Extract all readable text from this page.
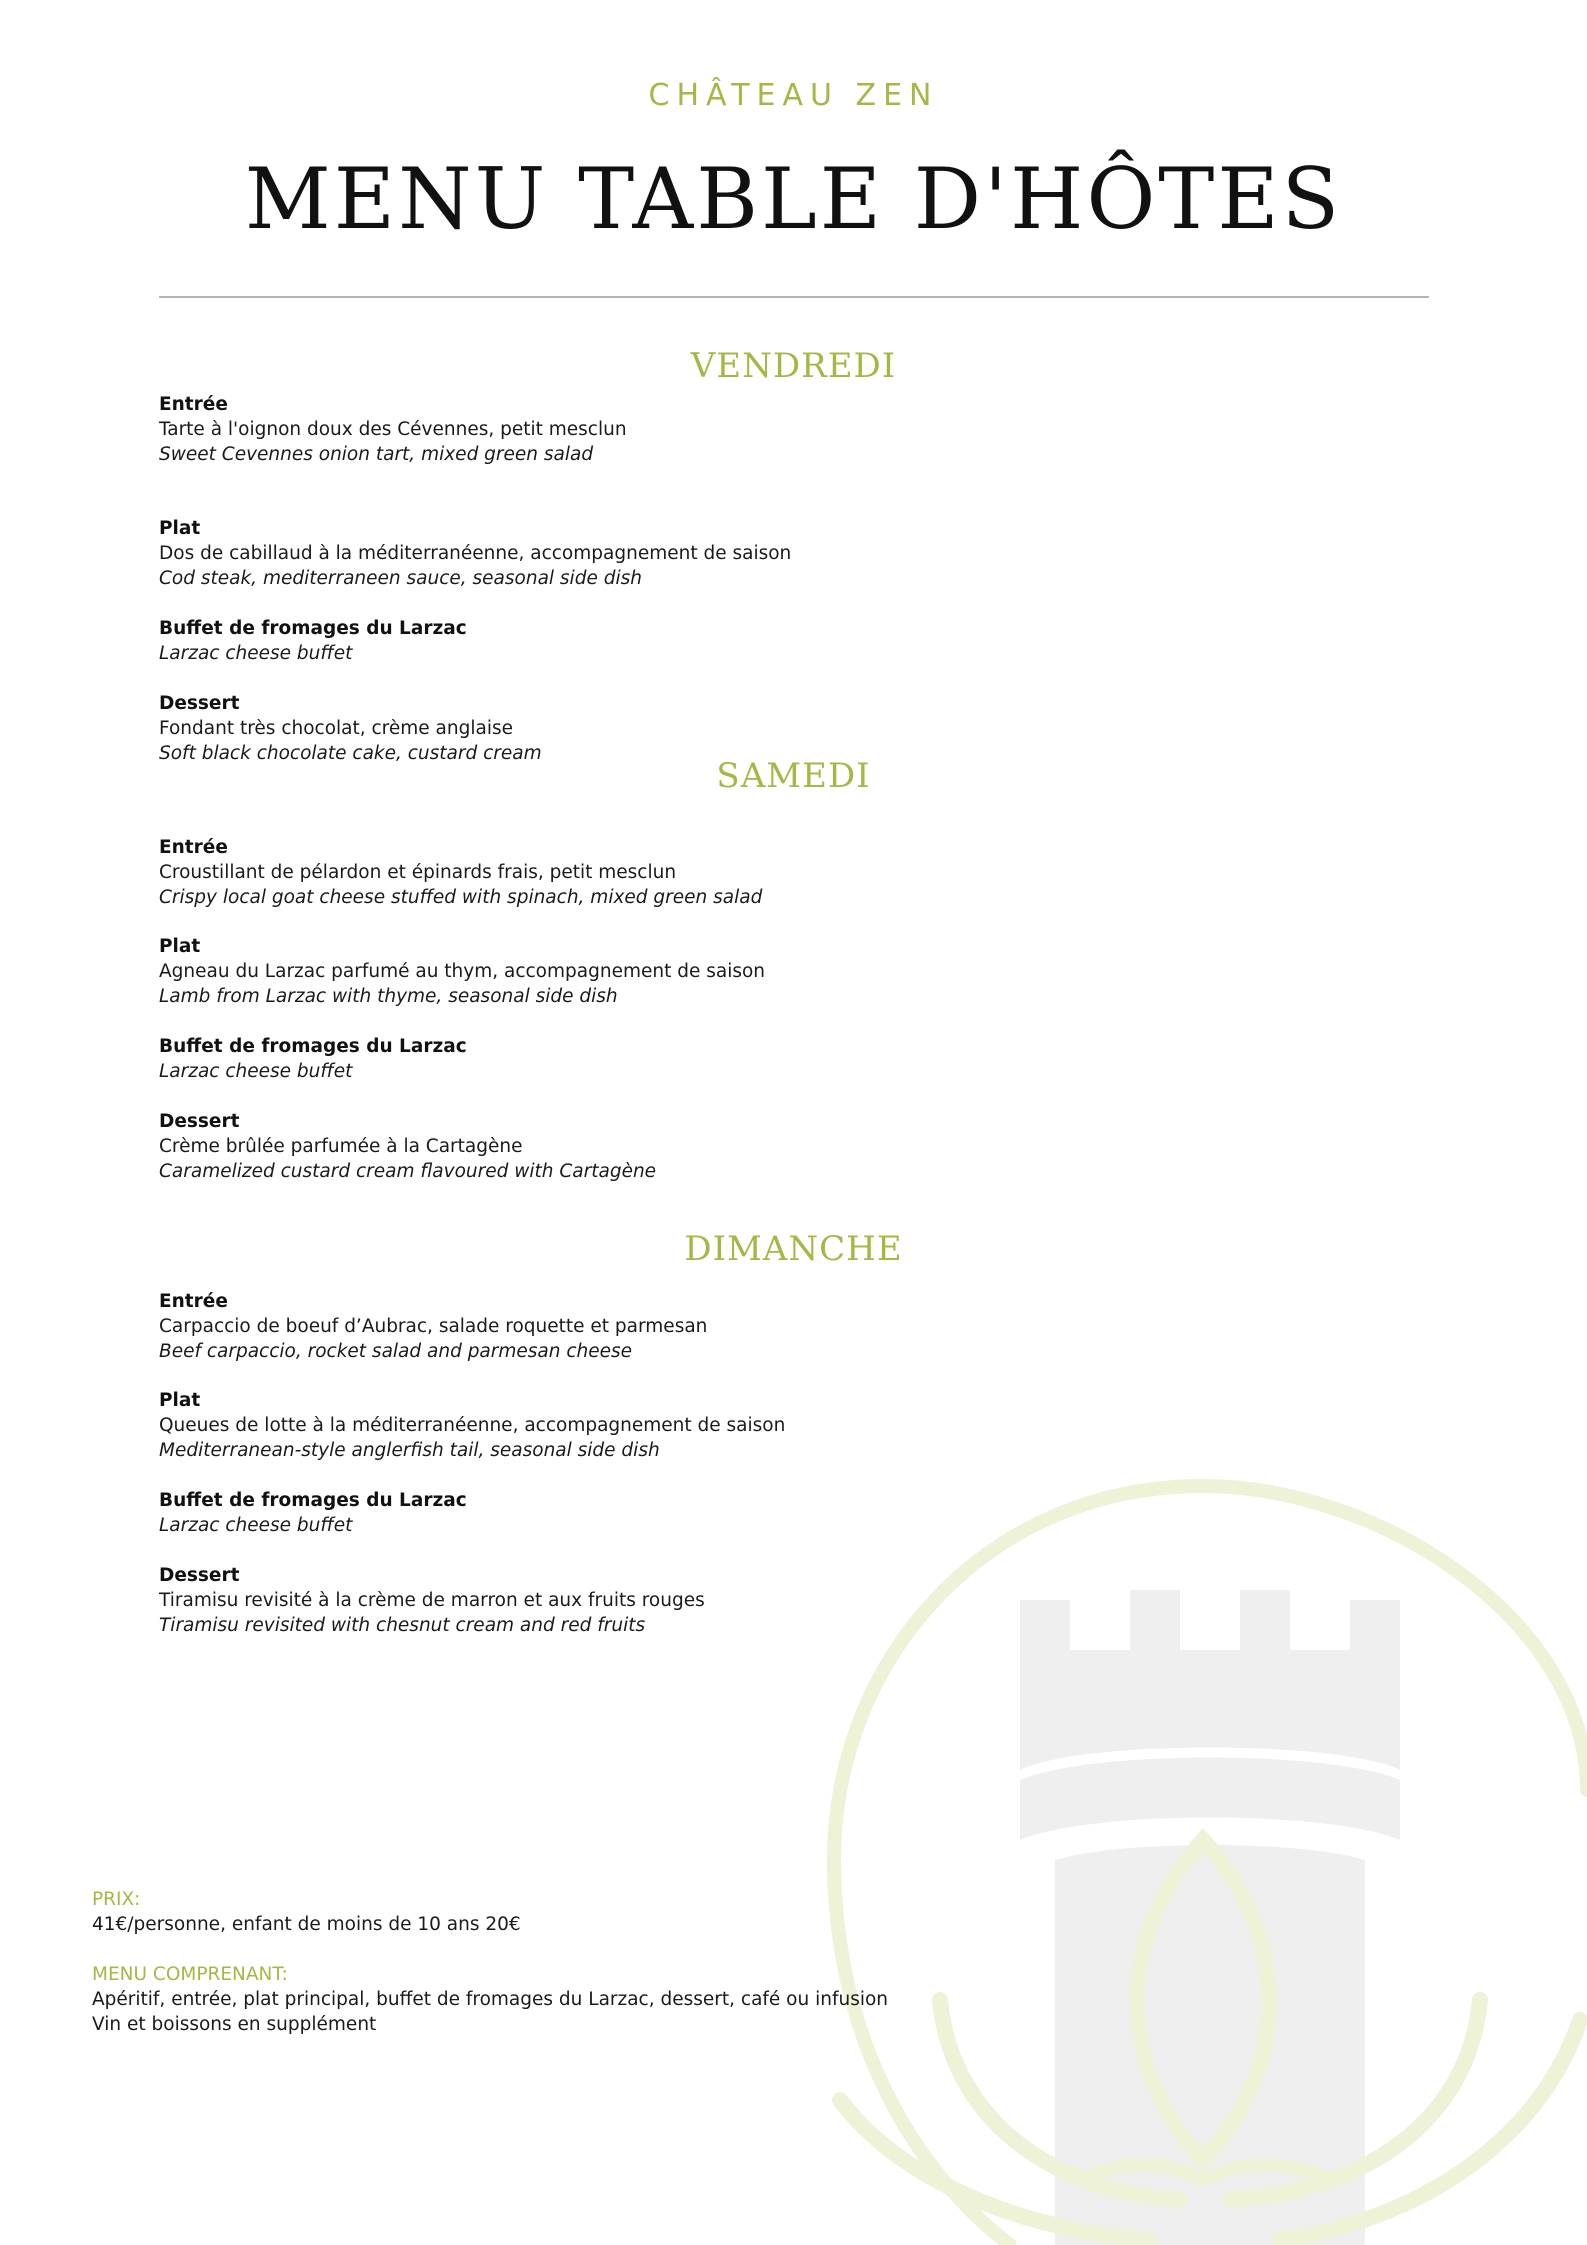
CHÂTEAU ZEN
MENU TABLE D'HÔTES
VENDREDI
Entrée
Tarte à l'oignon doux des Cévennes, petit mesclun
Sweet Cevennes onion tart, mixed green salad
Plat
Dos de cabillaud à la méditerranéenne, accompagnement de saison
Cod steak, mediterraneen sauce, seasonal side dish
Buffet de fromages du Larzac
Larzac cheese buffet
Dessert
Fondant très chocolat, crème anglaise
Soft black chocolate cake, custard cream
SAMEDI
Entrée
Croustillant de pélardon et épinards frais, petit mesclun
Crispy local goat cheese stuffed with spinach, mixed green salad
Plat
Agneau du Larzac parfumé au thym, accompagnement de saison
Lamb from Larzac with thyme, seasonal side dish
Buffet de fromages du Larzac
Larzac cheese buffet
Dessert
Crème brûlée parfumée à la Cartagène
Caramelized custard cream flavoured with Cartagène
DIMANCHE
Entrée
Carpaccio de boeuf d’Aubrac, salade roquette et parmesan
Beef carpaccio, rocket salad and parmesan cheese
Plat
Queues de lotte à la méditerranéenne, accompagnement de saison
Mediterranean-style anglerfish tail, seasonal side dish
Buffet de fromages du Larzac
Larzac cheese buffet
Dessert
Tiramisu revisité à la crème de marron et aux fruits rouges
Tiramisu revisited with chesnut cream and red fruits
PRIX:
41€/personne, enfant de moins de 10 ans 20€
MENU COMPRENANT:
Apéritif, entrée, plat principal, buffet de fromages du Larzac, dessert, café ou infusion
Vin et boissons en supplément
